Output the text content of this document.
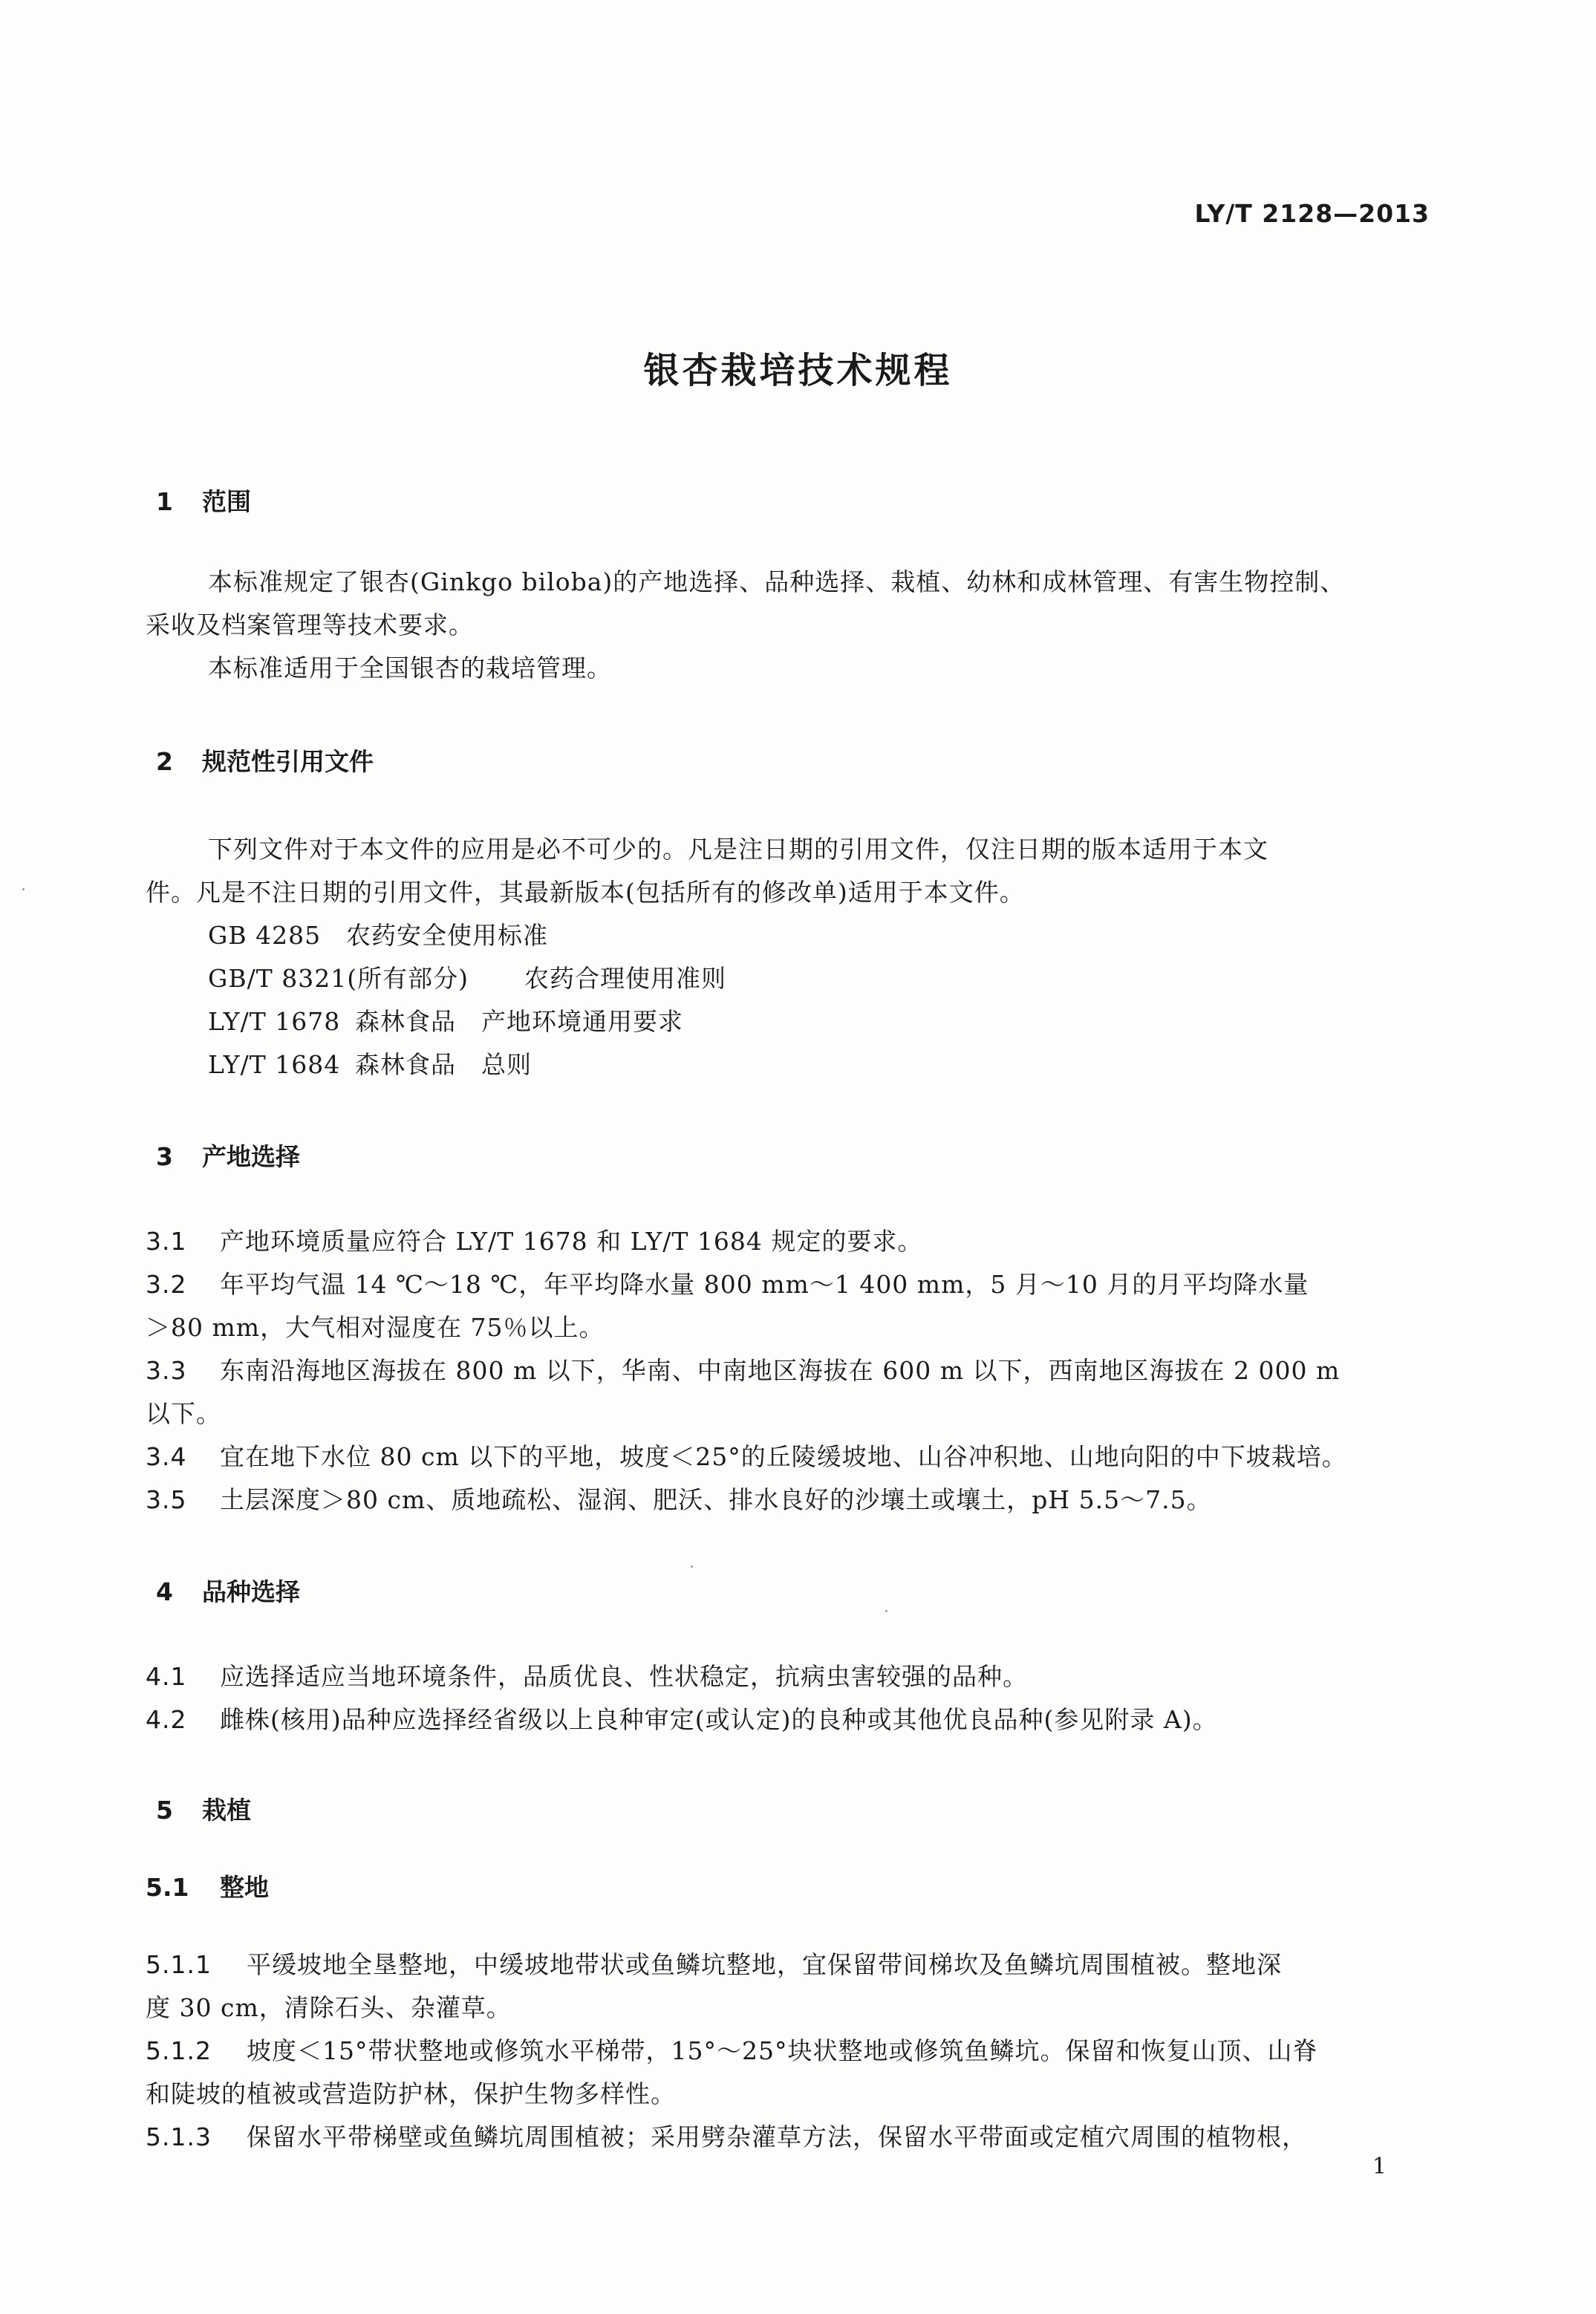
LY/T 2128—2013
银杏栽培技术规程
1 范围
本标准规定了银杏(Ginkgo biloba)的产地选择、品种选择、栽植、幼林和成林管理、有害生物控制、
采收及档案管理等技术要求。
本标准适用于全国银杏的栽培管理。
2 规范性引用文件
下列文件对于本文件的应用是必不可少的。凡是注日期的引用文件，仅注日期的版本适用于本文
件。凡是不注日期的引用文件，其最新版本(包括所有的修改单)适用于本文件。
GB 4285 农药安全使用标准
GB/T 8321(所有部分) 农药合理使用准则
LY/T 1678 森林食品　产地环境通用要求
LY/T 1684 森林食品　总则
3 产地选择
3.1 产地环境质量应符合 LY/T 1678 和 LY/T 1684 规定的要求。
3.2 年平均气温 14 ℃～18 ℃，年平均降水量 800 mm～1 400 mm，5 月～10 月的月平均降水量
＞80 mm，大气相对湿度在 75％以上。
3.3 东南沿海地区海拔在 800 m 以下，华南、中南地区海拔在 600 m 以下，西南地区海拔在 2 000 m
以下。
3.4 宜在地下水位 80 cm 以下的平地，坡度＜25°的丘陵缓坡地、山谷冲积地、山地向阳的中下坡栽培。
3.5 土层深度＞80 cm、质地疏松、湿润、肥沃、排水良好的沙壤土或壤土，pH 5.5～7.5。
4 品种选择
4.1 应选择适应当地环境条件，品质优良、性状稳定，抗病虫害较强的品种。
4.2 雌株(核用)品种应选择经省级以上良种审定(或认定)的良种或其他优良品种(参见附录 A)。
5 栽植
5.1 整地
5.1.1 平缓坡地全垦整地，中缓坡地带状或鱼鳞坑整地，宜保留带间梯坎及鱼鳞坑周围植被。整地深
度 30 cm，清除石头、杂灌草。
5.1.2 坡度＜15°带状整地或修筑水平梯带，15°～25°块状整地或修筑鱼鳞坑。保留和恢复山顶、山脊
和陡坡的植被或营造防护林，保护生物多样性。
5.1.3 保留水平带梯壁或鱼鳞坑周围植被；采用劈杂灌草方法，保留水平带面或定植穴周围的植物根，
1
